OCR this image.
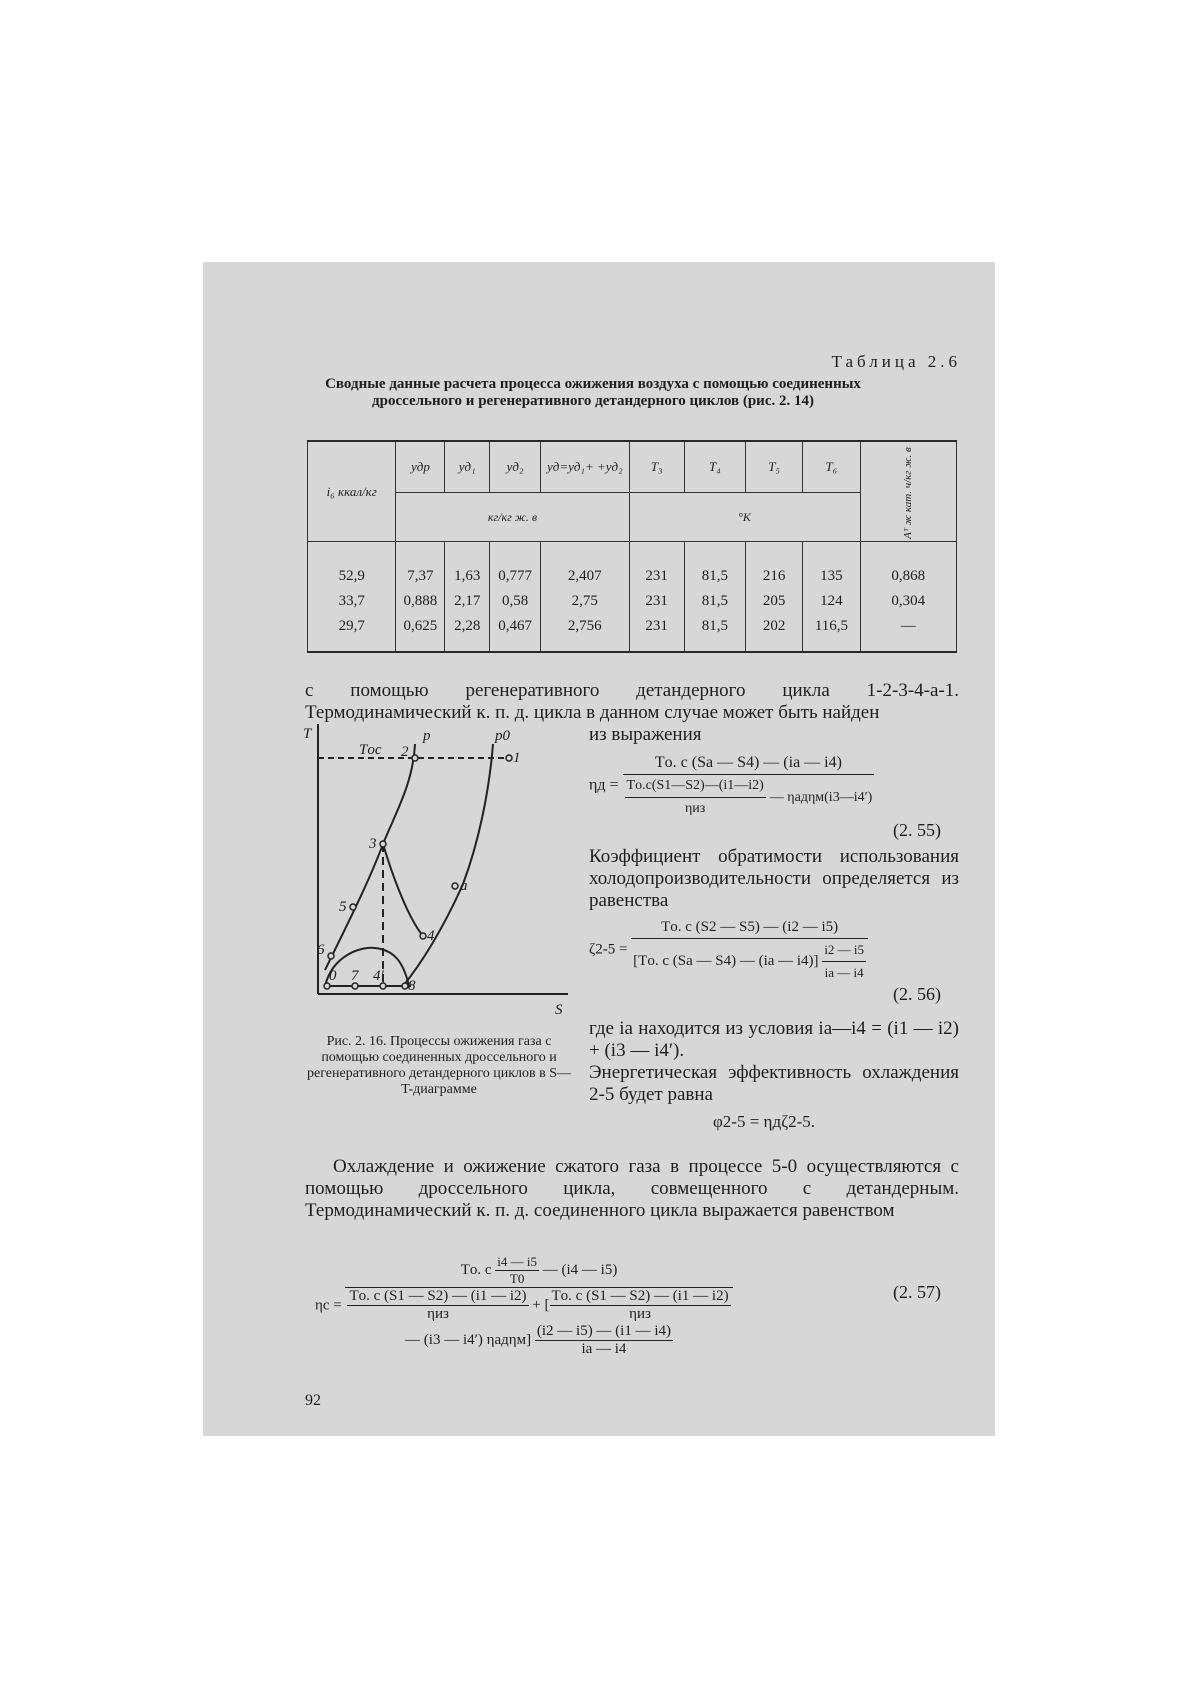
Таблица 2.6
Сводные данные расчета процесса ожижения воздуха с помощью соединенных дроссельного и регенеративного детандерного циклов (рис. 2. 14)
i₆ ккал/кг	yдр	yд₁	yд₂	yд=yд₁+ +yд₂	T₃	T₄	T₅	T₆	Aᵀ ж кат. ч/кг ж. в
	кг/кг ж. в				°K				

52,9	7,37	1,63	0,777	2,407	231	81,5	216	135	0,868
33,7	0,888	2,17	0,58	2,75	231	81,5	205	124	0,304
29,7	0,625	2,28	0,467	2,756	231	81,5	202	116,5	—

с помощью регенеративного детандерного цикла 1-2-3-4-а-1. Термодинамический к. п. д. цикла в данном случае может быть найден
T
S
p	p0
Tос 2	1
3
a
5
4
6
0 7 4′
8
Рис. 2. 16. Процессы ожижения газа с помощью соединенных дроссельного и регенеративного детандерного циклов в S—T-диаграмме
из выражения
$\eta д = \frac{Tо. с (Sa — S4) — (ia — i4)}{\frac{Tо.с(S1—S2)—(i1—i2)}{\text{ηиз}} — \eta ад\eta м(i3—i4')}$
(2. 55)
Коэффициент обратимости использования холодопроизводительности определяется из равенства
$\zeta 2-5 = \frac{Tо. с (S2 — S5) — (i2 — i5)}{[Tо. с (Sa — S4) — (ia — i4)] \frac{i2 — i5}{ia — i4}}$
(2. 56)
где ia находится из условия ia—i4 = (i1 — i2) + (i3 — i4′).
Энергетическая эффективность охлаждения 2-5 будет равна
φ2-5 = ηдζ2-5.
Охлаждение и ожижение сжатого газа в процессе 5-0 осуществляются с помощью дроссельного цикла, совмещенного с детандерным. Термодинамический к. п. д. соединенного цикла выражается равенством
ηс =
Tо. с $\frac{i4 — i5}{T0}$ — (i4 — i5)
$\frac{Tо. с (S1 — S2) — (i1 — i2)}{\text{ηиз}}$ + [ $\frac{Tо. с (S1 — S2) — (i1 — i2)}{\text{ηиз}}$

— (i3 — i4′) $\eta ад\eta м] \frac{(i2 — i5) — (i1 — i4)}{ia — i4}$
(2. 57)
92
